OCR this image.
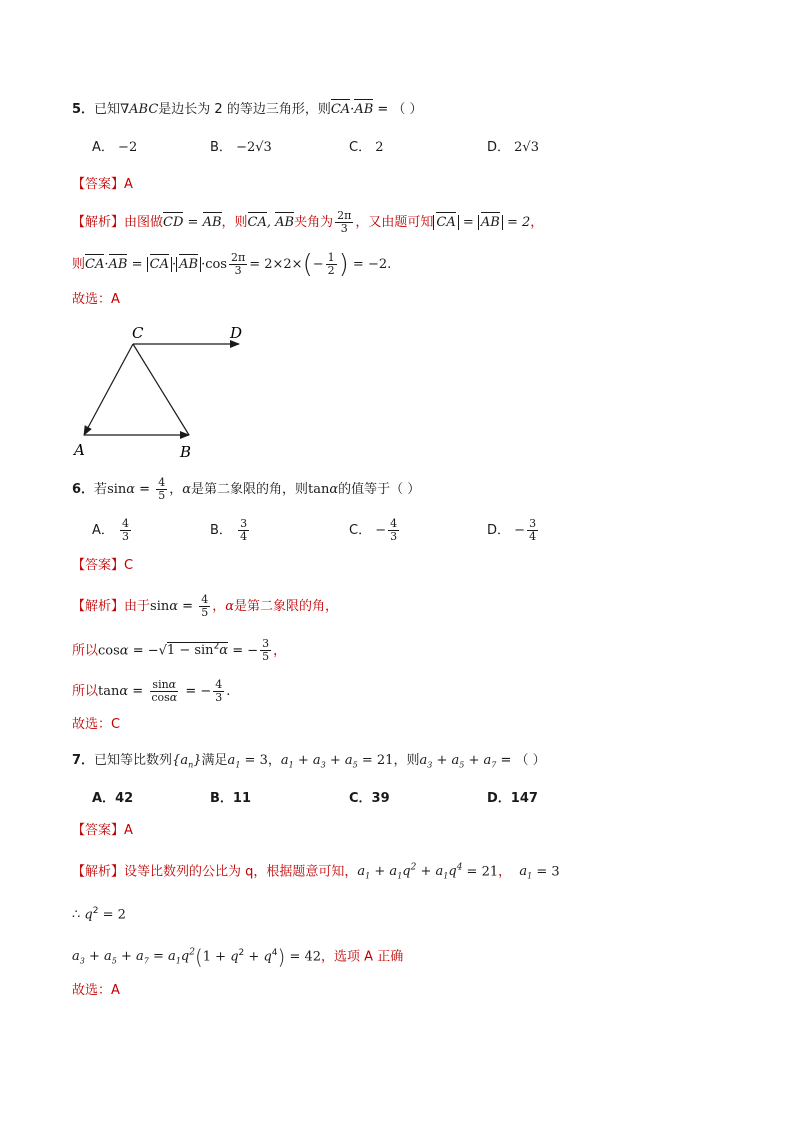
5．已知∇ABC是边长为 2 的等边三角形，则CA·AB = （ ）
A． −2	B． −2√3	C． 2	D． 2√3
【答案】A
【解析】由图做CD = AB，则CA, AB夹角为 $\frac{2\pi}{3}$ ，又由题可知 CA = AB = 2，
则CA·AB = CA · AB $\cdot\cos \frac{2\pi}{3} = 2\times 2\times(- \frac{1}{2}$ ) = −2.
故选：A
C	D
A	B
6．若$\sin\alpha = \frac{4}{5}$ ，α是第二象限的角，则tanα的值等于（ ）
A． $\frac{4}{3}$	B． $\frac{3}{4}$	C． − $\frac{4}{3}$	D． − $\frac{3}{4}$
【答案】C
【解析】由于$\sin\alpha = \frac{4}{5}$ ，α是第二象限的角，
所以$\cos\alpha = -√1 - \sin^2\alpha$ = − $\frac{3}{5}$ ，
所以$\tan\alpha = \frac{\sin\alpha}{\cos\alpha}$ = − $\frac{4}{3}$ .
故选：C
7．已知等比数列$\{a_n\}$满足$a_1 = 3$，$a_1 + a_3 + a_5 = 21$，则$a_3 + a_5 + a_7$ = （ ）
A．42	B．11	C．39	D．147
【答案】A
【解析】设等比数列的公比为 q，根据题意可知，$a_1 + a_1q^2 + a_1q^4 = 21$，  $a_1 = 3$
∴ $q^2 = 2$
$a_3 + a_5 + a_7 = a_1q^2(1 + q^2 + q^4) = 42$，选项 A 正确
故选：A
